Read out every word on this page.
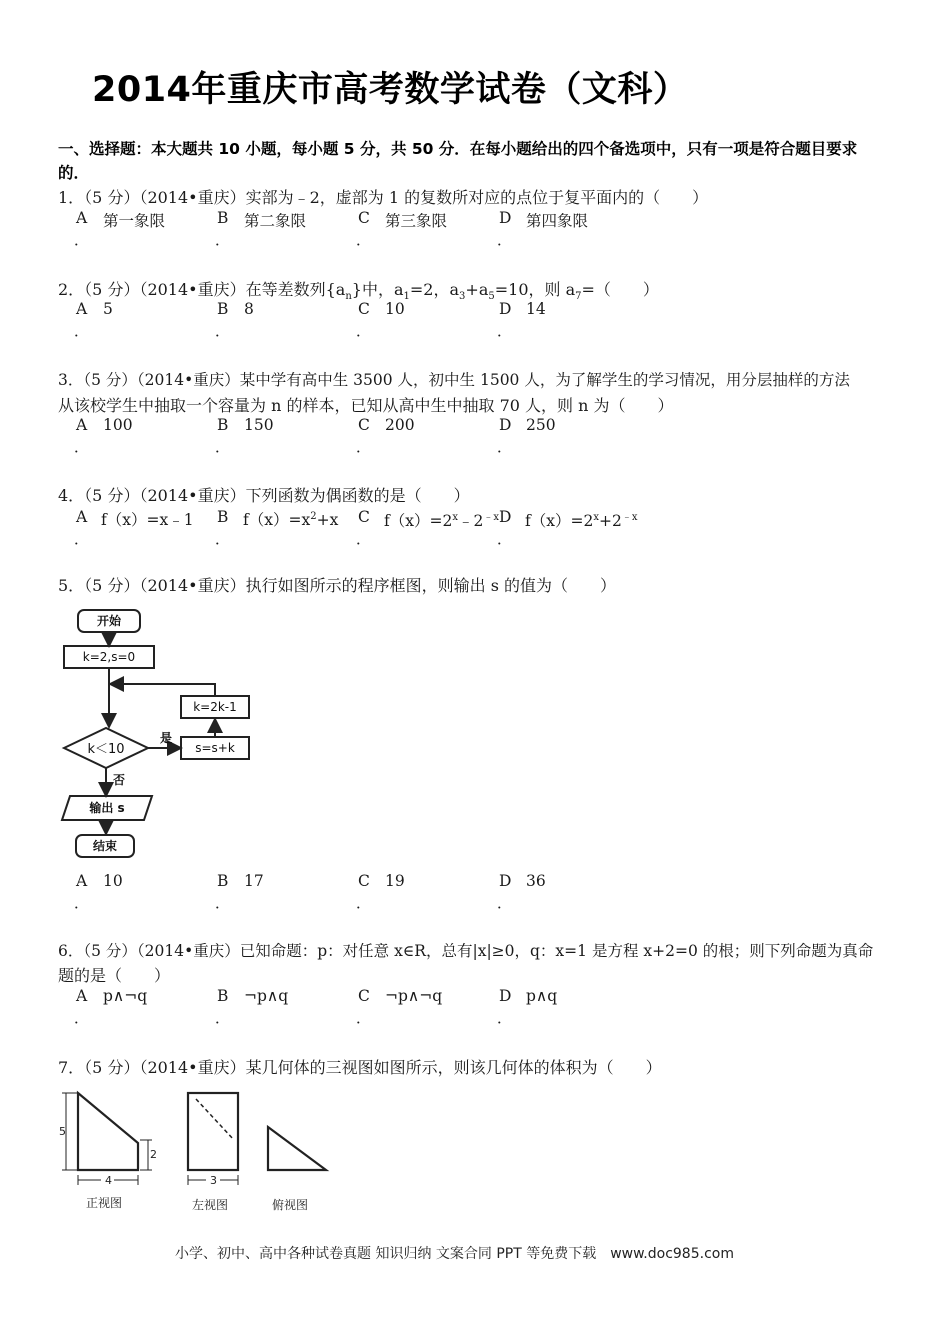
2014年重庆市高考数学试卷（文科）
一、选择题：本大题共 10 小题，每小题 5 分，共 50 分．在每小题给出的四个备选项中，只有一项是符合题目要求
的．
1．（5 分）（2014•重庆）实部为﹣2，虚部为 1 的复数所对应的点位于复平面内的（　　）
A 第一象限	B 第二象限	C 第三象限	D 第四象限
．	．	．	．
2．（5 分）（2014•重庆）在等差数列$\{a_n\}$中，$a_1=2$，$a_3+a_5=10$，则 $a_7=$（　　）
A 5	B 8	C 10	D 14
．	．	．	．
3．（5 分）（2014•重庆）某中学有高中生 3500 人，初中生 1500 人，为了解学生的学习情况，用分层抽样的方法
从该校学生中抽取一个容量为 n 的样本，已知从高中生中抽取 70 人，则 n 为（　　）
A 100	B 150	C 200	D 250
．	．	．	．
4．（5 分）（2014•重庆）下列函数为偶函数的是（　　）
A f（x）=x﹣1 B $f(x)=x^2+x$ C $f(x)=2^x﹣2^{﹣x}$ D $f(x)=2^x+2^{﹣x}$
．	．	．	．
5．（5 分）（2014•重庆）执行如图所示的程序框图，则输出 s 的值为（　　）
开始
k=2,s=0
k=2k-1
k＜10	s=s+k
是
否
输出 s
结束
A 10	B 17	C 19	D 36
．	．	．	．
6．（5 分）（2014•重庆）已知命题：p：对任意 x∈R，总有|x|≥0，q：x=1 是方程 x+2=0 的根；则下列命题为真命
题的是（　　）
A p∧¬q	B ¬p∧q	C ¬p∧¬q	D p∧q
．	．	．	．
7．（5 分）（2014•重庆）某几何体的三视图如图所示，则该几何体的体积为（　　）
5
2
4	3
正视图	左视图	俯视图
小学、初中、高中各种试卷真题 知识归纳 文案合同 PPT 等免费下载　www.doc985.com
